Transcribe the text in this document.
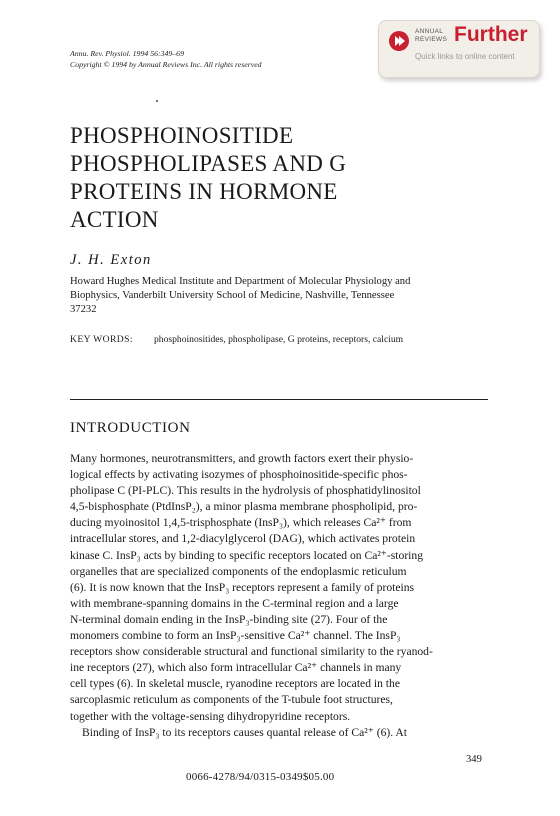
Annu. Rev. Physiol. 1994 56:349–69
Copyright © 1994 by Annual Reviews Inc. All rights reserved
ANNUAL
REVIEWS Further
Quick links to online content
PHOSPHOINOSITIDE
PHOSPHOLIPASES AND G
PROTEINS IN HORMONE
ACTION
J. H. Exton
Howard Hughes Medical Institute and Department of Molecular Physiology and
Biophysics, Vanderbilt University School of Medicine, Nashville, Tennessee
37232
KEY WORDS: phosphoinositides, phospholipase, G proteins, receptors, calcium
INTRODUCTION
Many hormones, neurotransmitters, and growth factors exert their physio-
logical effects by activating isozymes of phosphoinositide-specific phos-
pholipase C (PI-PLC). This results in the hydrolysis of phosphatidylinositol
4,5-bisphosphate (PtdInsP₂), a minor plasma membrane phospholipid, pro-
ducing myoinositol 1,4,5-trisphosphate (InsP₃), which releases Ca²⁺ from
intracellular stores, and 1,2-diacylglycerol (DAG), which activates protein
kinase C. InsP₃ acts by binding to specific receptors located on Ca²⁺-storing
organelles that are specialized components of the endoplasmic reticulum
(6). It is now known that the InsP₃ receptors represent a family of proteins
with membrane-spanning domains in the C-terminal region and a large
N-terminal domain ending in the InsP₃-binding site (27). Four of the
monomers combine to form an InsP₃-sensitive Ca²⁺ channel. The InsP₃
receptors show considerable structural and functional similarity to the ryanod-
ine receptors (27), which also form intracellular Ca²⁺ channels in many
cell types (6). In skeletal muscle, ryanodine receptors are located in the
sarcoplasmic reticulum as components of the T-tubule foot structures,
together with the voltage-sensing dihydropyridine receptors.
Binding of InsP₃ to its receptors causes quantal release of Ca²⁺ (6). At
349
0066-4278/94/0315-0349$05.00
